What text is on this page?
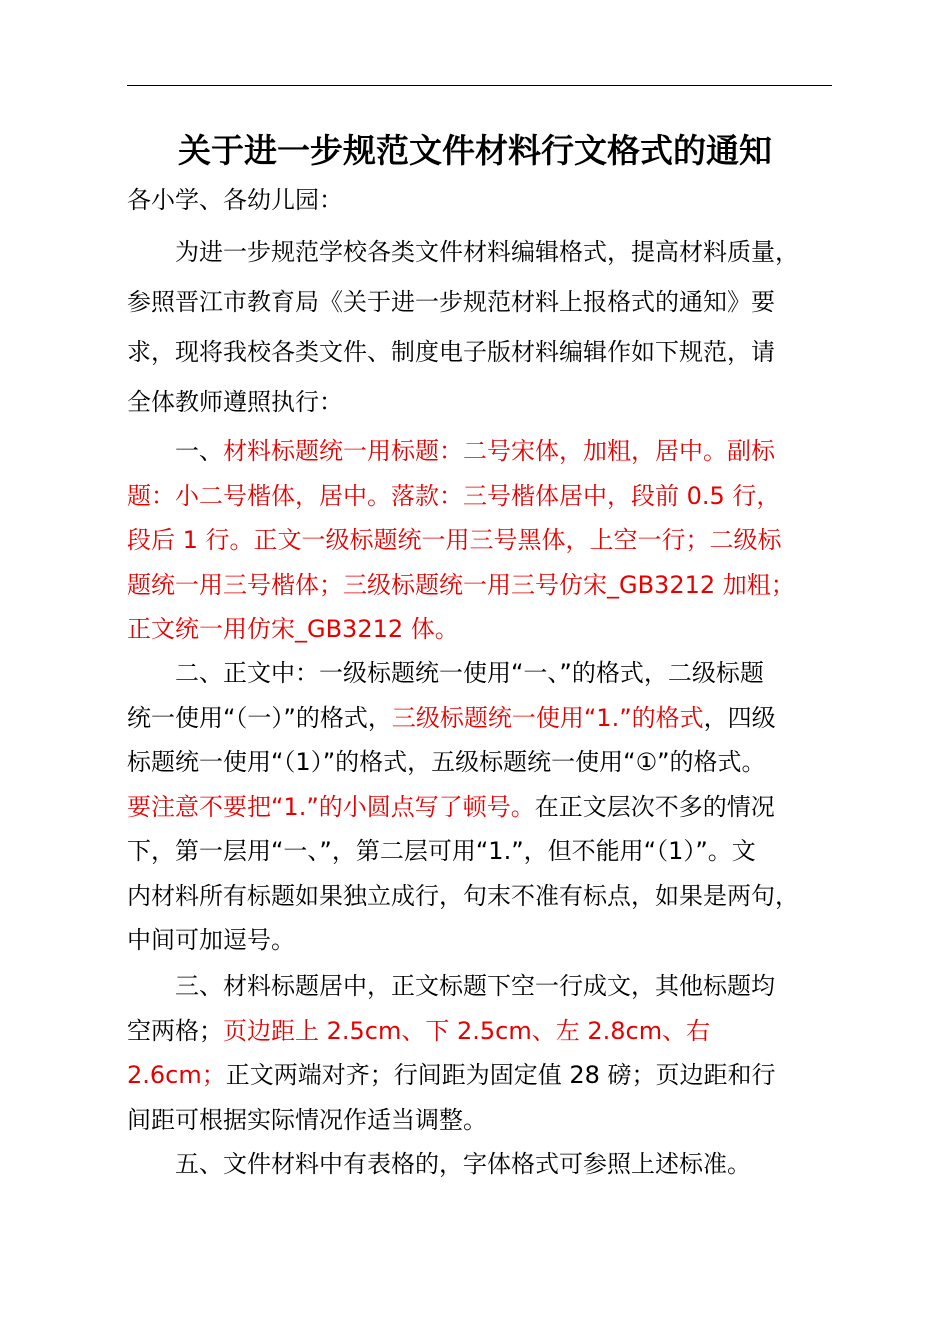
关于进一步规范文件材料行文格式的通知
各小学、各幼儿园：
　　为进一步规范学校各类文件材料编辑格式，提高材料质量，
参照晋江市教育局《关于进一步规范材料上报格式的通知》要
求，现将我校各类文件、制度电子版材料编辑作如下规范，请
全体教师遵照执行：
　　一、材料标题统一用标题：二号宋体，加粗，居中。副标
题：小二号楷体，居中。落款：三号楷体居中，段前 0.5 行，
段后 1 行。正文一级标题统一用三号黑体，上空一行；二级标
题统一用三号楷体；三级标题统一用三号仿宋_GB3212 加粗；
正文统一用仿宋_GB3212 体。
　　二、正文中：一级标题统一使用“一、”的格式，二级标题
统一使用“（一）”的格式，三级标题统一使用“1.”的格式，四级
标题统一使用“（1）”的格式，五级标题统一使用“①”的格式。
要注意不要把“1.”的小圆点写了顿号。在正文层次不多的情况
下，第一层用“一、”，第二层可用“1.”，但不能用“（1）”。文
内材料所有标题如果独立成行，句末不准有标点，如果是两句，
中间可加逗号。
　　三、材料标题居中，正文标题下空一行成文，其他标题均
空两格；页边距上 2.5cm、下 2.5cm、左 2.8cm、右
2.6cm；正文两端对齐；行间距为固定值 28 磅；页边距和行
间距可根据实际情况作适当调整。
　　五、文件材料中有表格的，字体格式可参照上述标准。
